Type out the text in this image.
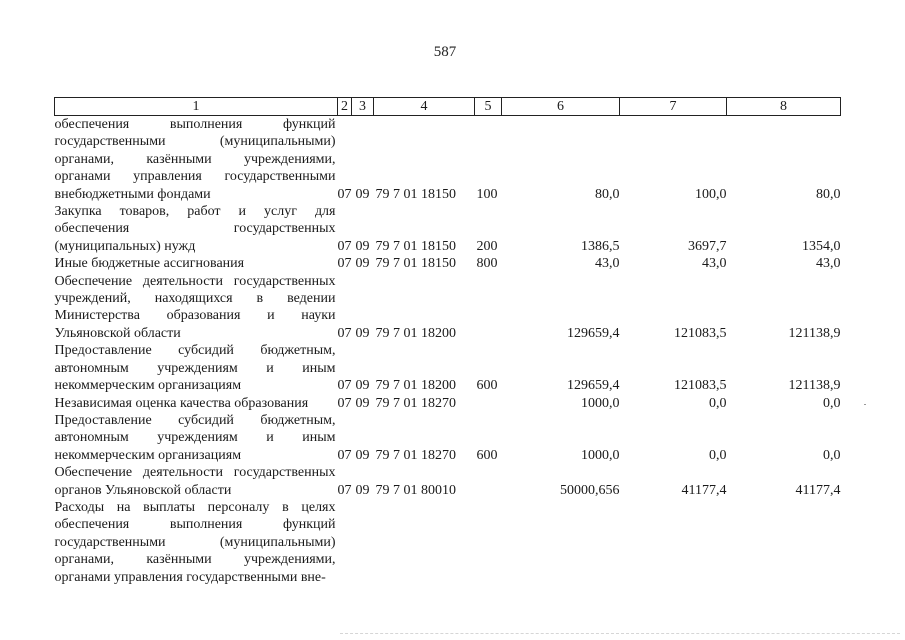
587
1	2	3	4	5	6	7	8
обеспечения выполнения функций государственными (муниципальными) органами, казёнными учреждениями, органами управления государственными внебюджетными фондами	07	09	79 7 01 18150	100	80,0	100,0	80,0
Закупка товаров, работ и услуг для обеспечения государственных (муниципальных) нужд	07	09	79 7 01 18150	200	1386,5	3697,7	1354,0
Иные бюджетные ассигнования	07	09	79 7 01 18150	800	43,0	43,0	43,0
Обеспечение деятельности государственных учреждений, находящихся в ведении Министерства образования и науки Ульяновской области	07	09	79 7 01 18200		129659,4	121083,5	121138,9
Предоставление субсидий бюджетным, автономным учреждениям и иным некоммерческим организациям	07	09	79 7 01 18200	600	129659,4	121083,5	121138,9
Независимая оценка качества образования	07	09	79 7 01 18270		1000,0	0,0	0,0
Предоставление субсидий бюджетным, автономным учреждениям и иным некоммерческим организациям	07	09	79 7 01 18270	600	1000,0	0,0	0,0
Обеспечение деятельности государственных органов Ульяновской области	07	09	79 7 01 80010		50000,656	41177,4	41177,4
Расходы на выплаты персоналу в целях обеспечения выполнения функций государственными (муниципальными) органами, казёнными учреждениями, органами управления государственными вне-							
